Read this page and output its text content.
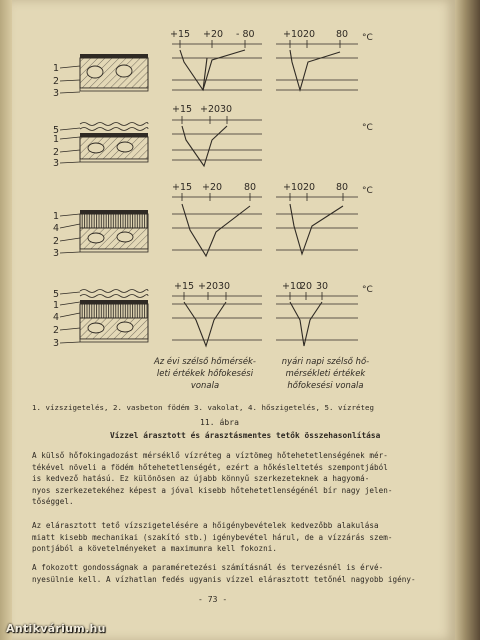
1
2
3
+15 +20 - 80	+10 20 80 °C
5
1
2
3
+15 +20 30
°C
1
4
2
3
+15 +20 80	+10 20 80 °C
5
1
4
2
3
+15 +20 30	+10
20 30	°C
Az évi szélső hőmérsék-
leti értékek hőfokesési
vonala
nyári napi szélső hő-
mérsékleti értékek
hőfokesési vonala
1. vízszigetelés, 2. vasbeton födém 3. vakolat, 4. hőszigetelés, 5. vízréteg
11. ábra
Vízzel árasztott és árasztásmentes tetők összehasonlítása
A külső hőfokingadozást mérséklő vízréteg a víztömeg hőtehetetlenségének mér-
tékével növeli a födém hőtehetetlenségét, ezért a hőkésleltetés szempontjából
is kedvező hatású. Ez különösen az újabb könnyű szerkezeteknek a hagyomá-
nyos szerkezetekéhez képest a jóval kisebb hőtehetetlenségénél bír nagy jelen-
tőséggel.
Az elárasztott tető vízszigetelésére a hőigénybevételek kedvezőbb alakulása
miatt kisebb mechanikai (szakító stb.) igénybevétel hárul, de a vízzárás szem-
pontjából a követelményeket a maximumra kell fokozni.
A fokozott gondosságnak a paraméretezési számításnál és tervezésnél is érvé-
nyesülnie kell. A vízhatlan fedés ugyanis vízzel elárasztott tetőnél nagyobb igény-
- 73 -
Antikvárium.hu
